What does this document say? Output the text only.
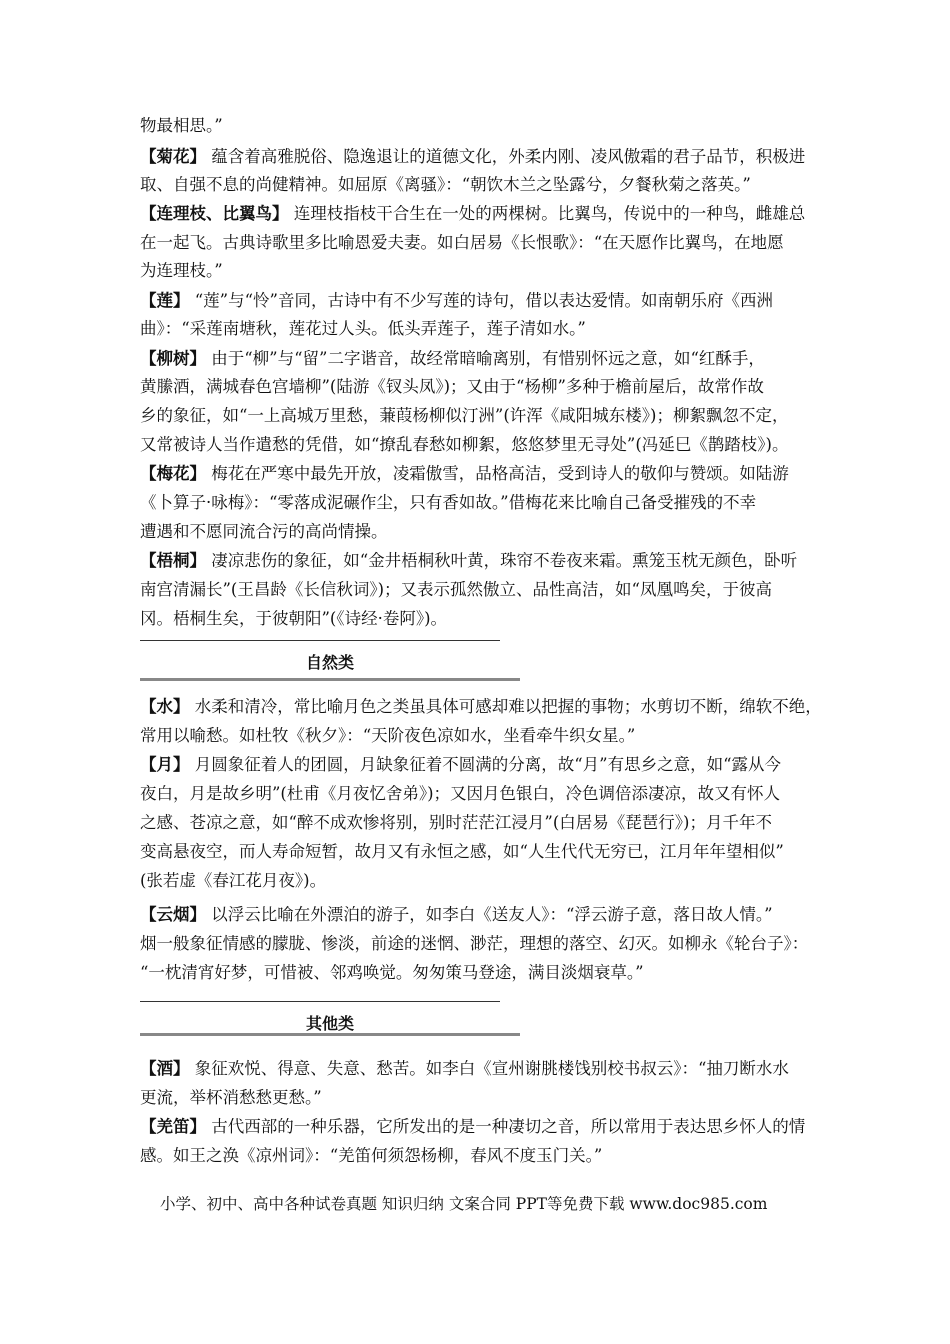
物最相思。”
【菊花】 蕴含着高雅脱俗、隐逸退让的道德文化，外柔内刚、凌风傲霜的君子品节，积极进
取、自强不息的尚健精神。如屈原《离骚》：“朝饮木兰之坠露兮，夕餐秋菊之落英。”
【连理枝、比翼鸟】 连理枝指枝干合生在一处的两棵树。比翼鸟，传说中的一种鸟，雌雄总
在一起飞。古典诗歌里多比喻恩爱夫妻。如白居易《长恨歌》：“在天愿作比翼鸟，在地愿
为连理枝。”
【莲】 “莲”与“怜”音同，古诗中有不少写莲的诗句，借以表达爱情。如南朝乐府《西洲
曲》：“采莲南塘秋，莲花过人头。低头弄莲子，莲子清如水。”
【柳树】 由于“柳”与“留”二字谐音，故经常暗喻离别，有惜别怀远之意，如“红酥手，
黄縢酒，满城春色宫墙柳”(陆游《钗头凤》)；又由于“杨柳”多种于檐前屋后，故常作故
乡的象征，如“一上高城万里愁，蒹葭杨柳似汀洲”(许浑《咸阳城东楼》)；柳絮飘忽不定，
又常被诗人当作遣愁的凭借，如“撩乱春愁如柳絮，悠悠梦里无寻处”(冯延巳《鹊踏枝》)。
【梅花】 梅花在严寒中最先开放，凌霜傲雪，品格高洁，受到诗人的敬仰与赞颂。如陆游
《卜算子·咏梅》：“零落成泥碾作尘，只有香如故。”借梅花来比喻自己备受摧残的不幸
遭遇和不愿同流合污的高尚情操。
【梧桐】 凄凉悲伤的象征，如“金井梧桐秋叶黄，珠帘不卷夜来霜。熏笼玉枕无颜色，卧听
南宫清漏长”(王昌龄《长信秋词》)；又表示孤然傲立、品性高洁，如“凤凰鸣矣，于彼高
冈。梧桐生矣，于彼朝阳”(《诗经·卷阿》)。
自然类
【水】 水柔和清冷，常比喻月色之类虽具体可感却难以把握的事物；水剪切不断，绵软不绝，
常用以喻愁。如杜牧《秋夕》：“天阶夜色凉如水，坐看牵牛织女星。”
【月】 月圆象征着人的团圆，月缺象征着不圆满的分离，故“月”有思乡之意，如“露从今
夜白，月是故乡明”(杜甫《月夜忆舍弟》)；又因月色银白，冷色调倍添凄凉，故又有怀人
之感、苍凉之意，如“醉不成欢惨将别，别时茫茫江浸月”(白居易《琵琶行》)；月千年不
变高悬夜空，而人寿命短暂，故月又有永恒之感，如“人生代代无穷已，江月年年望相似”
(张若虚《春江花月夜》)。
【云烟】 以浮云比喻在外漂泊的游子，如李白《送友人》：“浮云游子意，落日故人情。”
烟一般象征情感的朦胧、惨淡，前途的迷惘、渺茫，理想的落空、幻灭。如柳永《轮台子》：
“一枕清宵好梦，可惜被、邻鸡唤觉。匆匆策马登途，满目淡烟衰草。”
其他类
【酒】 象征欢悦、得意、失意、愁苦。如李白《宣州谢朓楼饯别校书叔云》：“抽刀断水水
更流，举杯消愁愁更愁。”
【羌笛】 古代西部的一种乐器，它所发出的是一种凄切之音，所以常用于表达思乡怀人的情
感。如王之涣《凉州词》：“羌笛何须怨杨柳，春风不度玉门关。”
小学、初中、高中各种试卷真题 知识归纳 文案合同 PPT等免费下载 www.doc985.com
